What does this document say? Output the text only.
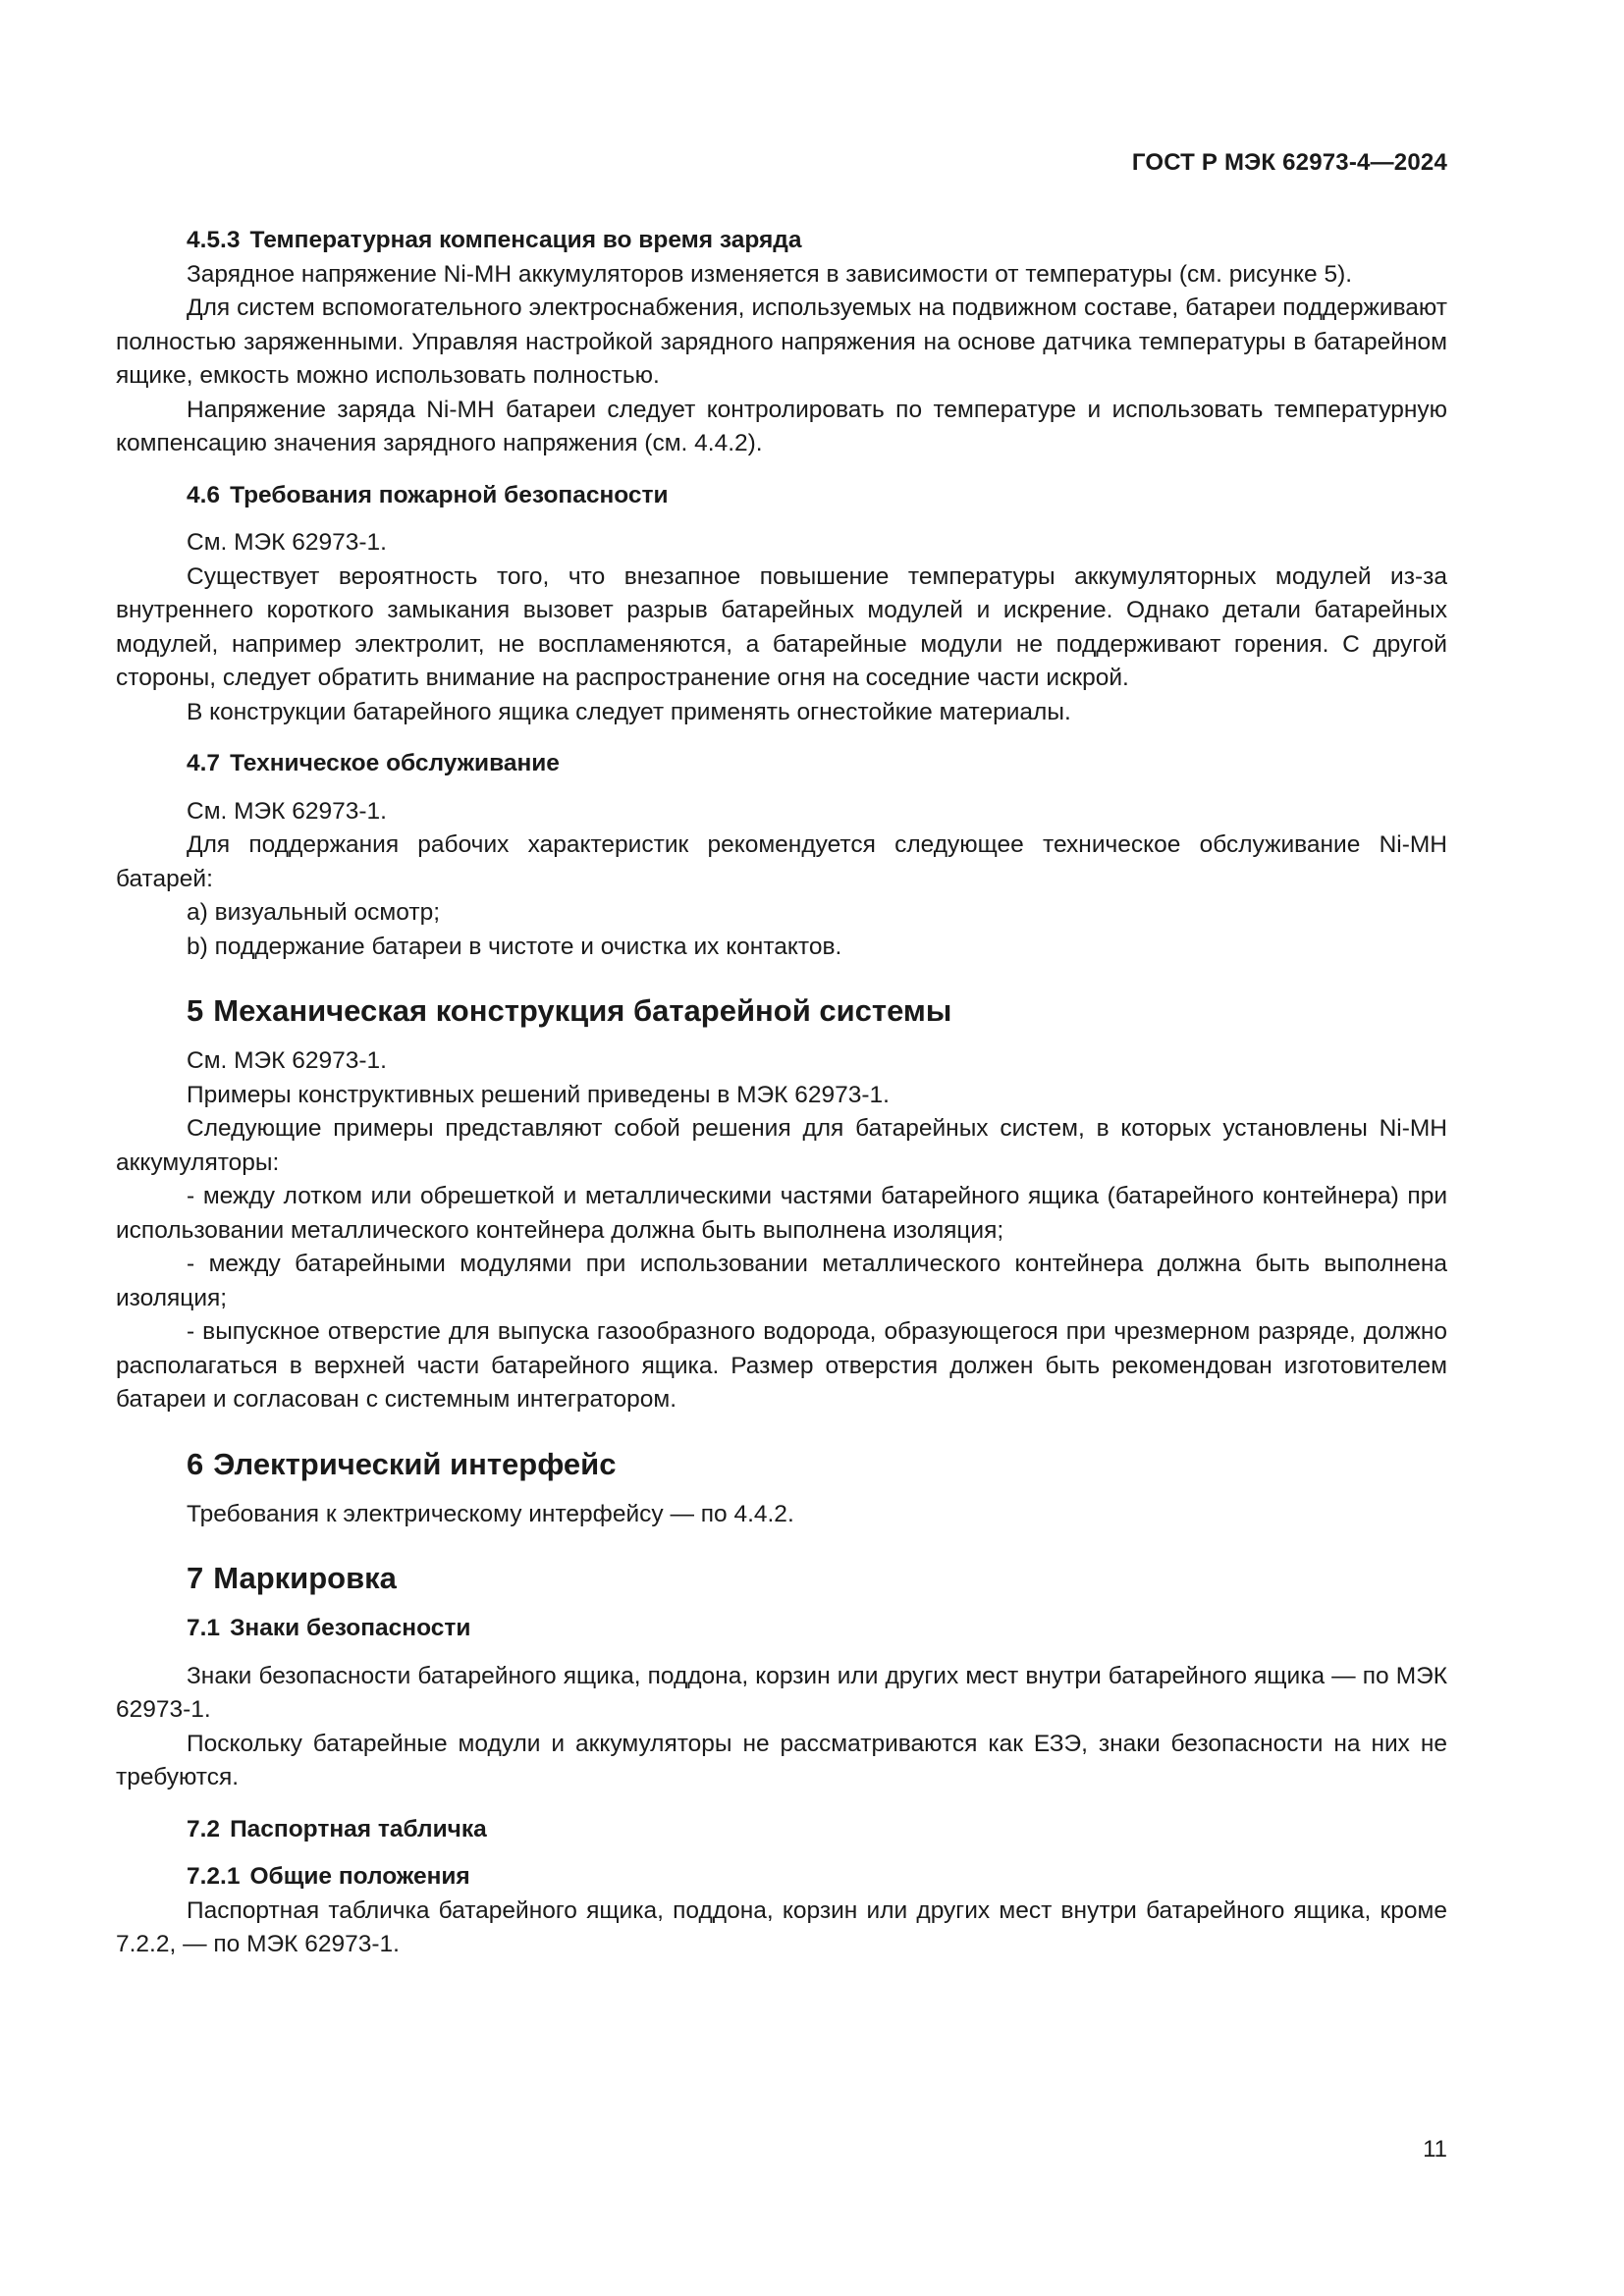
ГОСТ Р МЭК 62973-4—2024
4.5.3 Температурная компенсация во время заряда

Зарядное напряжение Ni-MH аккумуляторов изменяется в зависимости от температуры (см. рисунке 5).

Для систем вспомогательного электроснабжения, используемых на подвижном составе, батареи поддерживают полностью заряженными. Управляя настройкой зарядного напряжения на основе датчика температуры в батарейном ящике, емкость можно использовать полностью.

Напряжение заряда Ni-MH батареи следует контролировать по температуре и использовать температурную компенсацию значения зарядного напряжения (см. 4.4.2).

4.6 Требования пожарной безопасности

См. МЭК 62973-1.

Существует вероятность того, что внезапное повышение температуры аккумуляторных модулей из-за внутреннего короткого замыкания вызовет разрыв батарейных модулей и искрение. Однако детали батарейных модулей, например электролит, не воспламеняются, а батарейные модули не поддерживают горения. С другой стороны, следует обратить внимание на распространение огня на соседние части искрой.

В конструкции батарейного ящика следует применять огнестойкие материалы.

4.7 Техническое обслуживание

См. МЭК 62973-1.

Для поддержания рабочих характеристик рекомендуется следующее техническое обслуживание Ni-MH батарей:

a) визуальный осмотр;

b) поддержание батареи в чистоте и очистка их контактов.

5 Механическая конструкция батарейной системы

См. МЭК 62973-1.

Примеры конструктивных решений приведены в МЭК 62973-1.

Следующие примеры представляют собой решения для батарейных систем, в которых установлены Ni-MH аккумуляторы:

- между лотком или обрешеткой и металлическими частями батарейного ящика (батарейного контейнера) при использовании металлического контейнера должна быть выполнена изоляция;

- между батарейными модулями при использовании металлического контейнера должна быть выполнена изоляция;

- выпускное отверстие для выпуска газообразного водорода, образующегося при чрезмерном разряде, должно располагаться в верхней части батарейного ящика. Размер отверстия должен быть рекомендован изготовителем батареи и согласован с системным интегратором.

6 Электрический интерфейс

Требования к электрическому интерфейсу — по 4.4.2.

7 Маркировка
7.1 Знаки безопасности

Знаки безопасности батарейного ящика, поддона, корзин или других мест внутри батарейного ящика — по МЭК 62973-1.

Поскольку батарейные модули и аккумуляторы не рассматриваются как ЕЗЭ, знаки безопасности на них не требуются.

7.2 Паспортная табличка
7.2.1 Общие положения

Паспортная табличка батарейного ящика, поддона, корзин или других мест внутри батарейного ящика, кроме 7.2.2, — по МЭК 62973-1.

11
